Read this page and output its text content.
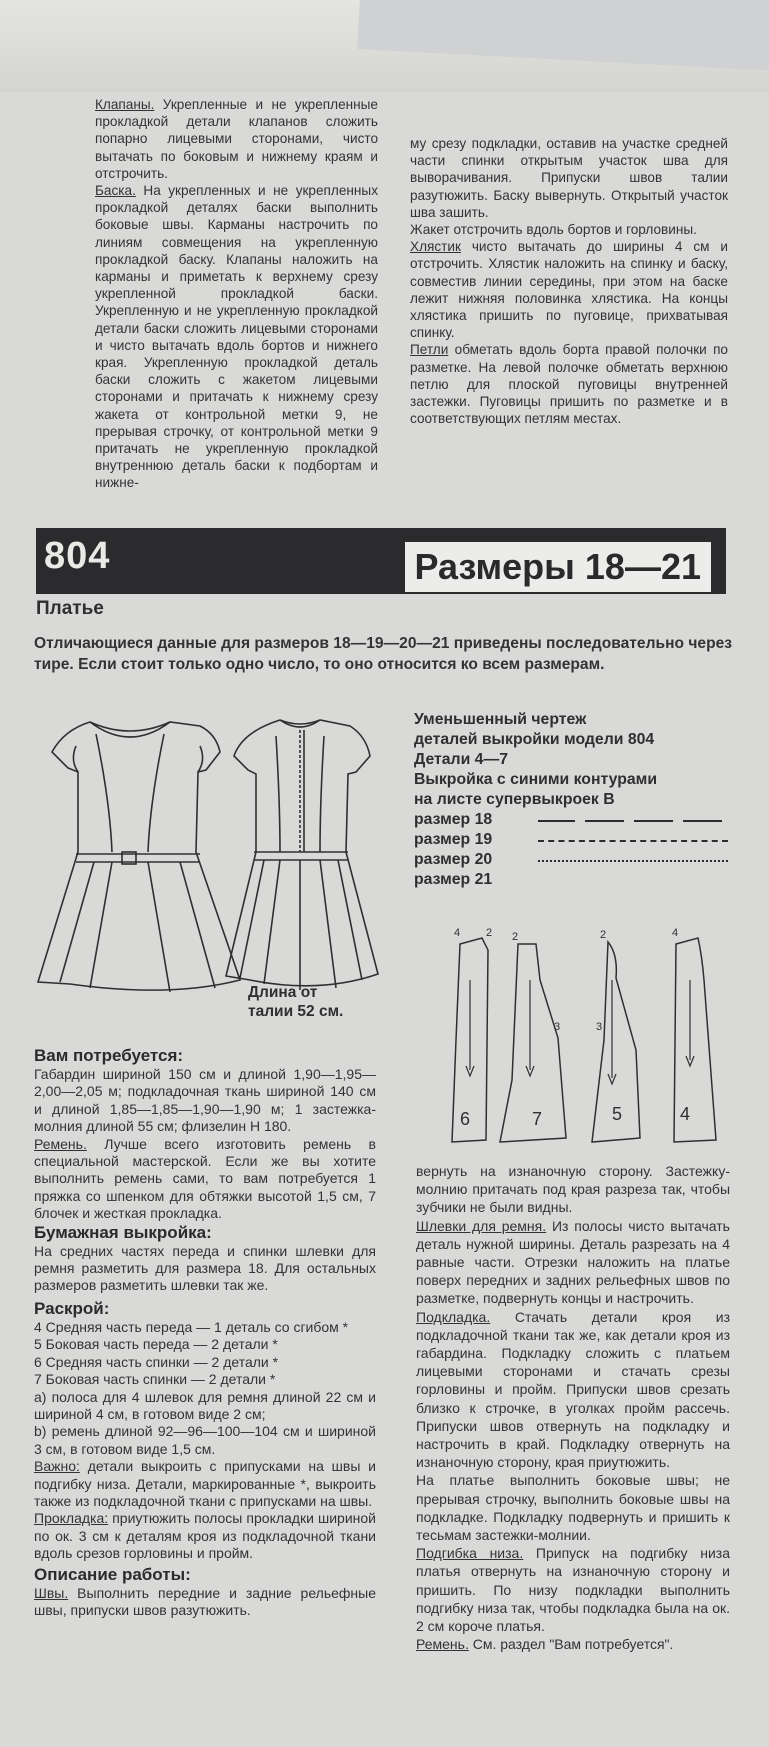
Клапаны. Укрепленные и не укрепленные прокладкой детали клапанов сложить попарно лицевыми сторонами, чисто вытачать по боковым и нижнему краям и отстрочить.

Баска. На укрепленных и не укрепленных прокладкой деталях баски выполнить боковые швы. Карманы настрочить по линиям совмещения на укрепленную прокладкой баску. Клапаны наложить на карманы и приметать к верхнему срезу укрепленной прокладкой баски. Укрепленную и не укрепленную прокладкой детали баски сложить лицевыми сторонами и чисто вытачать вдоль бортов и нижнего края. Укрепленную прокладкой деталь баски сложить с жакетом лицевыми сторонами и притачать к нижнему срезу жакета от контрольной метки 9, не прерывая строчку, от контрольной метки 9 притачать не укрепленную прокладкой внутреннюю деталь баски к подбортам и нижне-

му срезу подкладки, оставив на участке средней части спинки открытым участок шва для выворачивания. Припуски швов талии разутюжить. Баску вывернуть. Открытый участок шва зашить.

Жакет отстрочить вдоль бортов и горловины.

Хлястик чисто вытачать до ширины 4 см и отстрочить. Хлястик наложить на спинку и баску, совместив линии середины, при этом на баске лежит нижняя половинка хлястика. На концы хлястика пришить по пуговице, прихватывая спинку.

Петли обметать вдоль борта правой полочки по разметке. На левой полочке обметать верхнюю петлю для плоской пуговицы внутренней застежки. Пуговицы пришить по разметке и в соответствующих петлям местах.

804	Размеры 18—21
Платье
Отличающиеся данные для размеров 18—19—20—21 приведены последовательно через тире. Если стоит только одно число, то оно относится ко всем размерам.
Длина от
талии 52 см.
Уменьшенный чертеж
деталей выкройки модели 804
Детали 4—7
Выкройка с синими контурами
на листе супервыкроек В
размер 18
размер 19
размер 20
размер 21
6	7	5	4
4 2 2
3	3
2	4
Вам потребуется:

Габардин шириной 150 см и длиной 1,90—1,95—2,00—2,05 м; подкладочная ткань шириной 140 см и длиной 1,85—1,85—1,90—1,90 м; 1 застежка-молния длиной 55 см; флизелин Н 180.

Ремень. Лучше всего изготовить ремень в специальной мастерской. Если же вы хотите выполнить ремень сами, то вам потребуется 1 пряжка со шпенком для обтяжки высотой 1,5 см, 7 блочек и жесткая прокладка.

Бумажная выкройка:

На средних частях переда и спинки шлевки для ремня разметить для размера 18. Для остальных размеров разметить шлевки так же.

Раскрой:
4 Средняя часть переда — 1 деталь со сгибом *
5 Боковая часть переда — 2 детали *
6 Средняя часть спинки — 2 детали *
7 Боковая часть спинки — 2 детали *

a) полоса для 4 шлевок для ремня длиной 22 см и шириной 4 см, в готовом виде 2 см;

b) ремень длиной 92—96—100—104 см и шириной 3 см, в готовом виде 1,5 см.

Важно: детали выкроить с припусками на швы и подгибку низа. Детали, маркированные *, выкроить также из подкладочной ткани с припусками на швы.

Прокладка: приутюжить полосы прокладки шириной по ок. 3 см к деталям кроя из подкладочной ткани вдоль срезов горловины и пройм.

Описание работы:

Швы. Выполнить передние и задние рельефные швы, припуски швов разутюжить.

вернуть на изнаночную сторону. Застежку-молнию притачать под края разреза так, чтобы зубчики не были видны.

Шлевки для ремня. Из полосы чисто вытачать деталь нужной ширины. Деталь разрезать на 4 равные части. Отрезки наложить на платье поверх передних и задних рельефных швов по разметке, подвернуть концы и настрочить.

Подкладка. Стачать детали кроя из подкладочной ткани так же, как детали кроя из габардина. Подкладку сложить с платьем лицевыми сторонами и стачать срезы горловины и пройм. Припуски швов срезать близко к строчке, в уголках пройм рассечь. Припуски швов отвернуть на подкладку и настрочить в край. Подкладку отвернуть на изнаночную сторону, края приутюжить.

На платье выполнить боковые швы; не прерывая строчку, выполнить боковые швы на подкладке. Подкладку подвернуть и пришить к тесьмам застежки-молнии.

Подгибка низа. Припуск на подгибку низа платья отвернуть на изнаночную сторону и пришить. По низу подкладки выполнить подгибку низа так, чтобы подкладка была на ок. 2 см короче платья.

Ремень. См. раздел "Вам потребуется".
